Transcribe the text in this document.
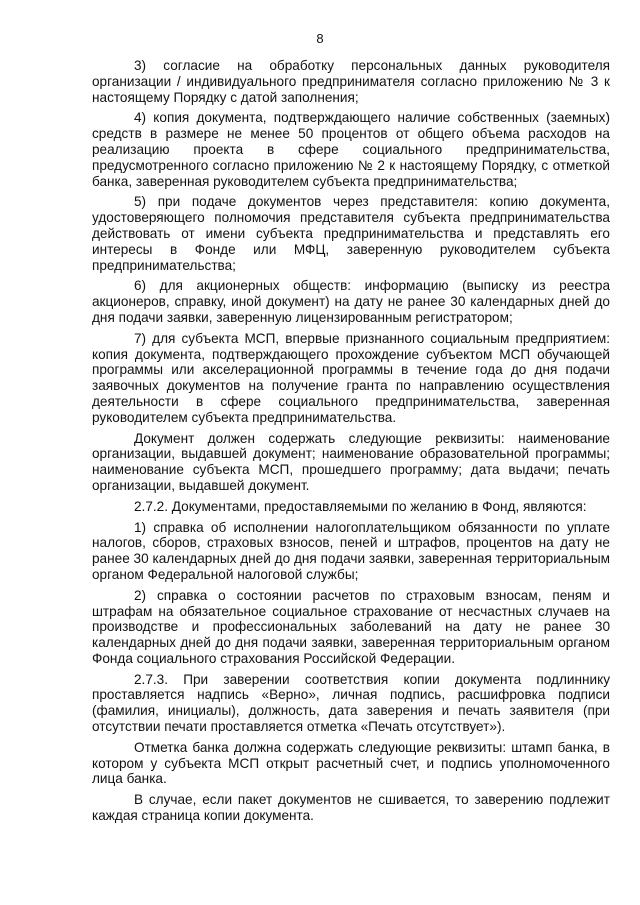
8

3) согласие на обработку персональных данных руководителя организации / индивидуального предпринимателя согласно приложению № 3 к настоящему Порядку с датой заполнения;

4) копия документа, подтверждающего наличие собственных (заемных) средств в размере не менее 50 процентов от общего объема расходов на реализацию проекта в сфере социального предпринимательства, предусмотренного согласно приложению № 2 к настоящему Порядку, с отметкой банка, заверенная руководителем субъекта предпринимательства;

5) при подаче документов через представителя: копию документа, удостоверяющего полномочия представителя субъекта предпринимательства действовать от имени субъекта предпринимательства и представлять его интересы в Фонде или МФЦ, заверенную руководителем субъекта предпринимательства;

6) для акционерных обществ: информацию (выписку из реестра акционеров, справку, иной документ) на дату не ранее 30 календарных дней до дня подачи заявки, заверенную лицензированным регистратором;

7) для субъекта МСП, впервые признанного социальным предприятием: копия документа, подтверждающего прохождение субъектом МСП обучающей программы или акселерационной программы в течение года до дня подачи заявочных документов на получение гранта по направлению осуществления деятельности в сфере социального предпринимательства, заверенная руководителем субъекта предпринимательства.

Документ должен содержать следующие реквизиты: наименование организации, выдавшей документ; наименование образовательной программы; наименование субъекта МСП, прошедшего программу; дата выдачи; печать организации, выдавшей документ.

2.7.2. Документами, предоставляемыми по желанию в Фонд, являются:

1) справка об исполнении налогоплательщиком обязанности по уплате налогов, сборов, страховых взносов, пеней и штрафов, процентов на дату не ранее 30 календарных дней до дня подачи заявки, заверенная территориальным органом Федеральной налоговой службы;

2) справка о состоянии расчетов по страховым взносам, пеням и штрафам на обязательное социальное страхование от несчастных случаев на производстве и профессиональных заболеваний на дату не ранее 30 календарных дней до дня подачи заявки, заверенная территориальным органом Фонда социального страхования Российской Федерации.

2.7.3. При заверении соответствия копии документа подлиннику проставляется надпись «Верно», личная подпись, расшифровка подписи (фамилия, инициалы), должность, дата заверения и печать заявителя (при отсутствии печати проставляется отметка «Печать отсутствует»).

Отметка банка должна содержать следующие реквизиты: штамп банка, в котором у субъекта МСП открыт расчетный счет, и подпись уполномоченного лица банка.

В случае, если пакет документов не сшивается, то заверению подлежит каждая страница копии документа.
